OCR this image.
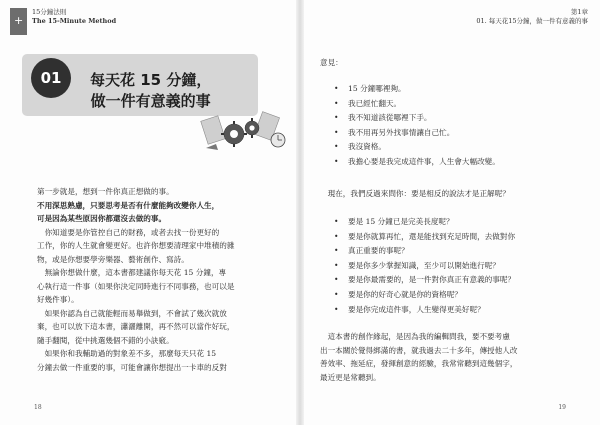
+
15分鐘法則
The 15-Minute Method
第1章
01. 每天花15分鐘，做一件有意義的事
01	每天花 15 分鐘，
做一件有意義的事

第一步就是，想到一件你真正想做的事。

不用深思熟慮，只要思考是否有什麼能夠改變你人生，

可是因為某些原因你都還沒去做的事。

　你知道要是你管控自己的財務，或者去找一份更好的

工作，你的人生就會變更好。也許你想要清理家中堆積的雜

物，或是你想要學旁樂器、藝術創作、寫詩。

　無論你想做什麼，這本書都建議你每天花 15 分鐘，專

心執行這一件事（如果你決定同時進行不同事務，也可以是

好幾件事）。

　如果你認為自己就能輕而易舉做到，不會試了幾次就放

棄，也可以放下這本書，瀟灑離開，再不然可以當作好玩，

隨手翻閱，從中挑選幾個不錯的小訣竅。

　如果你和我輔助過的對象差不多，那麼每天只花 15

分鐘去做一件重要的事，可能會讓你想提出一卡車的反對

意見：
• 15 分鐘哪裡夠。
• 我已經忙翻天。
• 我不知道該從哪裡下手。
• 我不用再另外找事情讓自己忙。
• 我沒資格。
• 我擔心要是我完成這件事，人生會大幅改變。
　現在，我們反過來問你：要是相反的說法才是正解呢？
• 要是 15 分鐘已是完美長度呢？
• 要是你就算再忙，還是能找到充足時間，去做對你
• 真正重要的事呢？
• 要是你多少掌握知識，至少可以開始進行呢？
• 要是你最需要的，是一件對你真正有意義的事呢？
• 要是你的好奇心就是你的資格呢？
• 要是你完成這件事，人生變得更美好呢？
　這本書的創作緣起，是因為我的編輯問我，要不要考慮
出一本關於覺得綁滿的書，就我過去二十多年，傳授他人改
善效率、拖延症，發揮創意的經驗，我常常聽到這幾個字，
最近更是常聽到。
18	19
